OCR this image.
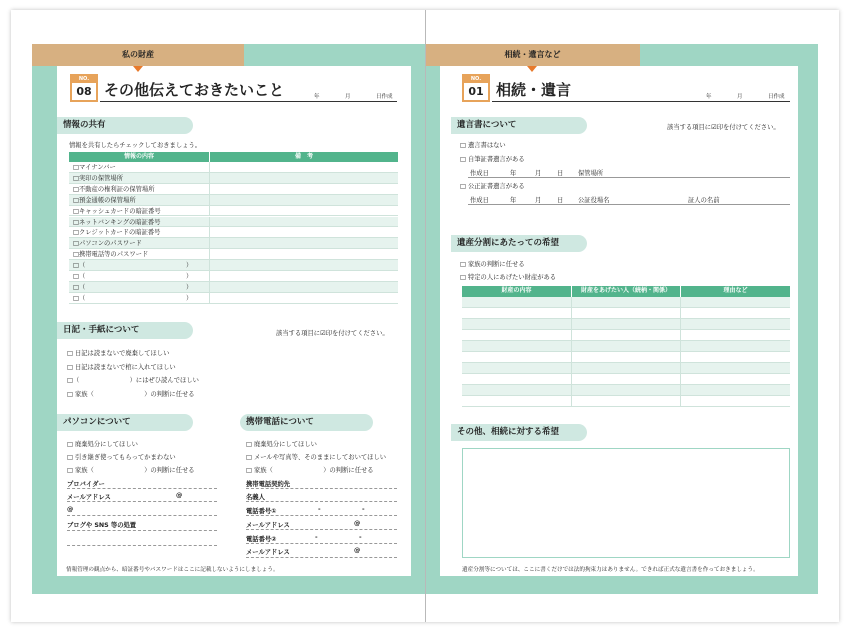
私の財産	相続・遺言など
NO.
08 その他伝えておきたいこと	年	月	日作成
情報の共有
情報を共有したらチェックしておきましょう。
情報の内容	備　考
□マイナンバー
□実印の保管場所
□不動産の権利証の保管場所
□預金通帳の保管場所
□キャッシュカードの暗証番号
□ネットバンキングの暗証番号
□クレジットカードの暗証番号
□パソコンのパスワード
□携帯電話等のパスワード
□（　　　　　　　　　　　　　　　　）
□（　　　　　　　　　　　　　　　　）
□（　　　　　　　　　　　　　　　　）
□（　　　　　　　　　　　　　　　　）
日記・手紙について	該当する項目に☑印を付けてください。
□ 日記は読まないで廃棄してほしい
□ 日記は読まないで棺に入れてほしい
□（　　　　　　　　）にはぜひ読んでほしい
□ 家族（　　　　　　　　）の判断に任せる
パソコンについて
□ 廃棄処分にしてほしい
□ 引き継ぎ使ってもらってかまわない
□ 家族（　　　　　　　　）の判断に任せる
プロバイダー
メールアドレス	@
@
ブログや SNS 等の処置
携帯電話について
□ 廃棄処分にしてほしい
□ メールや写真等、そのままにしておいてほしい
□ 家族（　　　　　　　　）の判断に任せる
携帯電話契約先
名義人
電話番号①	-	-
メールアドレス	@
電話番号②	-	-
メールアドレス	@
情報管理の観点から、暗証番号やパスワードはここに記載しないようにしましょう。
NO.
01 相続・遺言	年	月	日作成
遺言書について	該当する項目に☑印を付けてください。
□ 遺言書はない
□ 自筆証書遺言がある
作成日	年	月 日 保管場所
□ 公正証書遺言がある
作成日	年	月 日 公証役場名	証人の名前
遺産分割にあたっての希望
□ 家族の判断に任せる
□ 特定の人にあげたい財産がある
財産の内容	財産をあげたい人（続柄・関係）	理由など
その他、相続に対する希望
遺産分割等については、ここに書くだけでは法的拘束力はありません。できれば正式な遺言書を作っておきましょう。
